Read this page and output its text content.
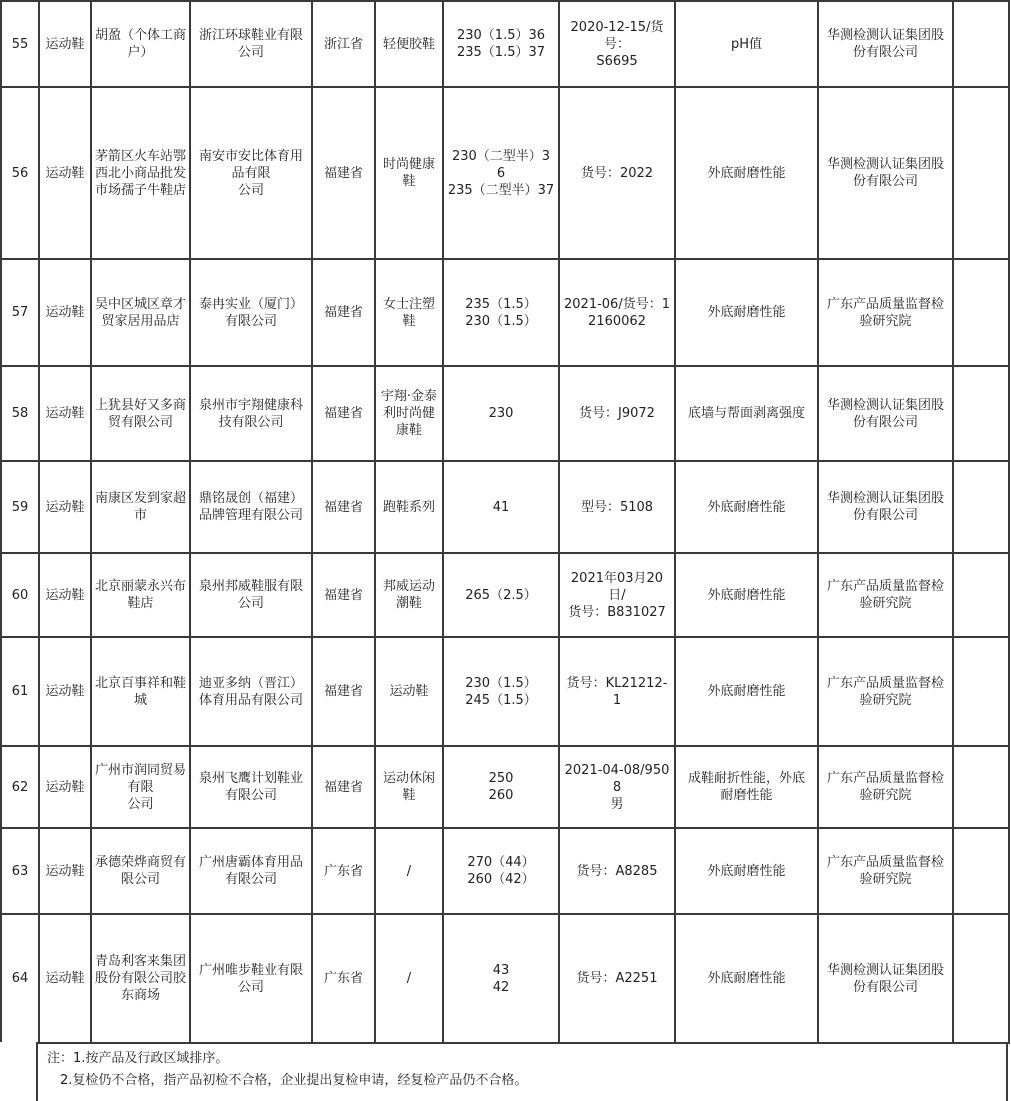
55	运动鞋	胡盈（个体工商
户）	浙江环球鞋业有限
公司	浙江省	轻便胶鞋	230（1.5）36
235（1.5）37	2020-12-15/货号：
S6695	pH值	华测检测认证集团股
份有限公司	
56	运动鞋	茅箭区火车站鄂
西北小商品批发
市场孺子牛鞋店	南安市安比体育用
品有限
公司	福建省	时尚健康
鞋	230（二型半）3
6
235（二型半）37	货号：2022	外底耐磨性能	华测检测认证集团股
份有限公司	
57	运动鞋	吴中区城区章才
贸家居用品店	泰冉实业（厦门）
有限公司	福建省	女士注塑
鞋	235（1.5）
230（1.5）	2021-06/货号：1
2160062	外底耐磨性能	广东产品质量监督检
验研究院	
58	运动鞋	上犹县好又多商
贸有限公司	泉州市宇翔健康科
技有限公司	福建省	宇翔·金泰
利时尚健
康鞋	230	货号：J9072	底墙与帮面剥离强度	华测检测认证集团股
份有限公司	
59	运动鞋	南康区发到家超
市	鼎铭晟创（福建）
品牌管理有限公司	福建省	跑鞋系列	41	型号：5108	外底耐磨性能	华测检测认证集团股
份有限公司	
60	运动鞋	北京丽蒙永兴布
鞋店	泉州邦威鞋服有限公司	福建省	邦威运动
潮鞋	265（2.5）	2021年03月20日/
货号：B831027	外底耐磨性能	广东产品质量监督检
验研究院	
61	运动鞋	北京百事祥和鞋
城	迪亚多纳（晋江）
体育用品有限公司	福建省	运动鞋	230（1.5）
245（1.5）	货号：KL21212-1	外底耐磨性能	广东产品质量监督检
验研究院	
62	运动鞋	广州市润同贸易
有限
公司	泉州飞鹰计划鞋业
有限公司	福建省	运动休闲
鞋	250
260	2021-04-08/9508
男	成鞋耐折性能，外底
耐磨性能	广东产品质量监督检
验研究院	
63	运动鞋	承德荣烨商贸有
限公司	广州唐霸体育用品
有限公司	广东省	/	270（44）
260（42）	货号：A8285	外底耐磨性能	广东产品质量监督检
验研究院	
64	运动鞋	青岛利客来集团
股份有限公司胶
东商场	广州唯步鞋业有限
公司	广东省	/	43
42	货号：A2251	外底耐磨性能	华测检测认证集团股
份有限公司	
注：1.按产品及行政区域排序。
2.复检仍不合格，指产品初检不合格，企业提出复检申请，经复检产品仍不合格。
